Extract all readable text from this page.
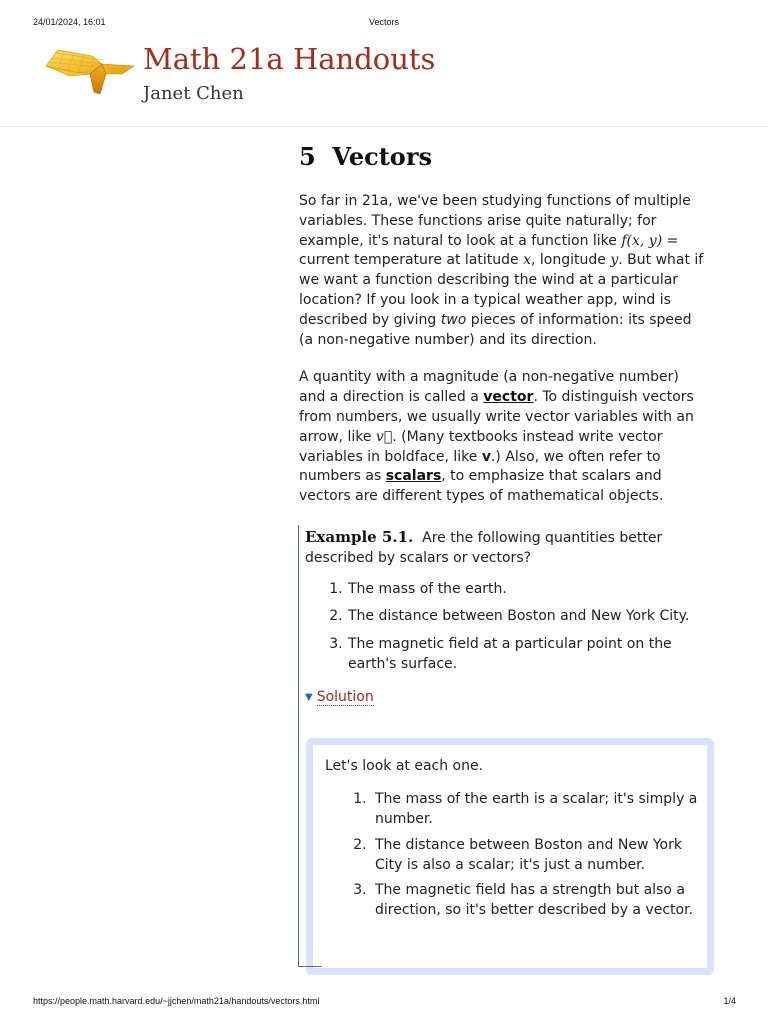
24/01/2024, 16:01	Vectors
Math 21a Handouts
Janet Chen
5 Vectors

So far in 21a, we've been studying functions of multiple variables. These functions arise quite naturally; for example, it's natural to look at a function like f(x, y) = current temperature at latitude x, longitude y. But what if we want a function describing the wind at a particular location? If you look in a typical weather app, wind is described by giving two pieces of information: its speed (a non-negative number) and its direction.

A quantity with a magnitude (a non-negative number) and a direction is called a vector. To distinguish vectors from numbers, we usually write vector variables with an arrow, like v⃗. (Many textbooks instead write vector variables in boldface, like v.) Also, we often refer to numbers as scalars, to emphasize that scalars and vectors are different types of mathematical objects.

Example 5.1. Are the following quantities better described by scalars or vectors?
1. The mass of the earth.
2. The distance between Boston and New York City.
3. The magnetic field at a particular point on the earth's surface.
▼ Solution

Let's look at each one.

1. The mass of the earth is a scalar; it's simply a number.
2. The distance between Boston and New York City is also a scalar; it's just a number.
3. The magnetic field has a strength but also a direction, so it's better described by a vector.
https://people.math.harvard.edu/~jjchen/math21a/handouts/vectors.html	1/4
